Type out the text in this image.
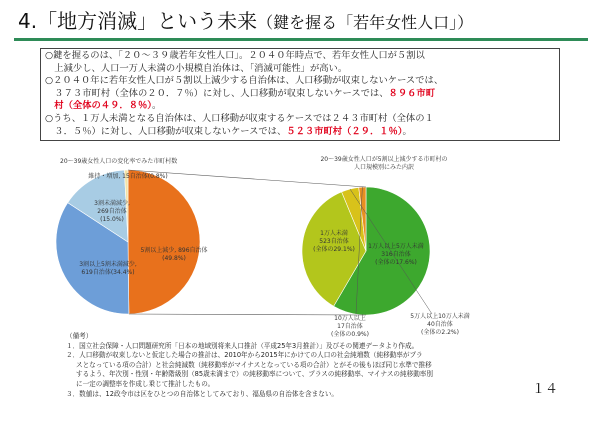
4.「地方消滅」という未来（鍵を握る「若年女性人口」）

○鍵を握るのは、「２０～３９歳若年女性人口」。２０４０年時点で、若年女性人口が５割以

　上減少し、人口一万人未満の小規模自治体は、「消滅可能性」が高い。

○２０４０年に若年女性人口が５割以上減少する自治体は、人口移動が収束しないケースでは、

　３７３市町村（全体の２０．７％）に対し、人口移動が収束しないケースでは、８９６市町

　村（全体の４９．８％）。

○うち、１万人未満となる自治体は、人口移動が収束するケースでは２４３市町村（全体の１

　３．５％）に対し、人口移動が収束しないケースでは、５２３市町村（２９．１％）。

20～39歳女性人口の変化率でみた市町村数	20～39歳女性人口が5割以上減少する市町村の
人口規模別にみた内訳
5割以上減少, 896自治体
(49.8%)
3割以上5割未満減少,
619自治体(34.4%)
3割未満減少,
269自治体
(15.0%)
維持・増加, 15自治体(0.8%)
1万人未満
523自治体
(全体の29.1%) 1万人以上5万人未満
316自治体
(全体の17.6%)
5万人以上10万人未満
40自治体
(全体の2.2%)
10万人以上
17自治体
(全体の0.9%)

（備考）

１．国立社会保障・人口問題研究所「日本の地域別将来人口推計（平成25年3月推計）」及びその関連データより作成。

２．人口移動が収束しないと仮定した場合の推計は、2010年から2015年にかけての人口の社会純増数（純移動率がプラ

スとなっている項の合計）と社会純減数（純移動率がマイナスとなっている項の合計）とがその後もほぼ同じ水準で推移

するよう、年次別・性別・年齢階級別（85歳未満まで）の純移動率について、プラスの純移動率、マイナスの純移動率別

に一定の調整率を作成し乗じて推計したもの。

３．数値は、12政令市は区をひとつの自治体としてみており、福島県の自治体を含まない。	１４
